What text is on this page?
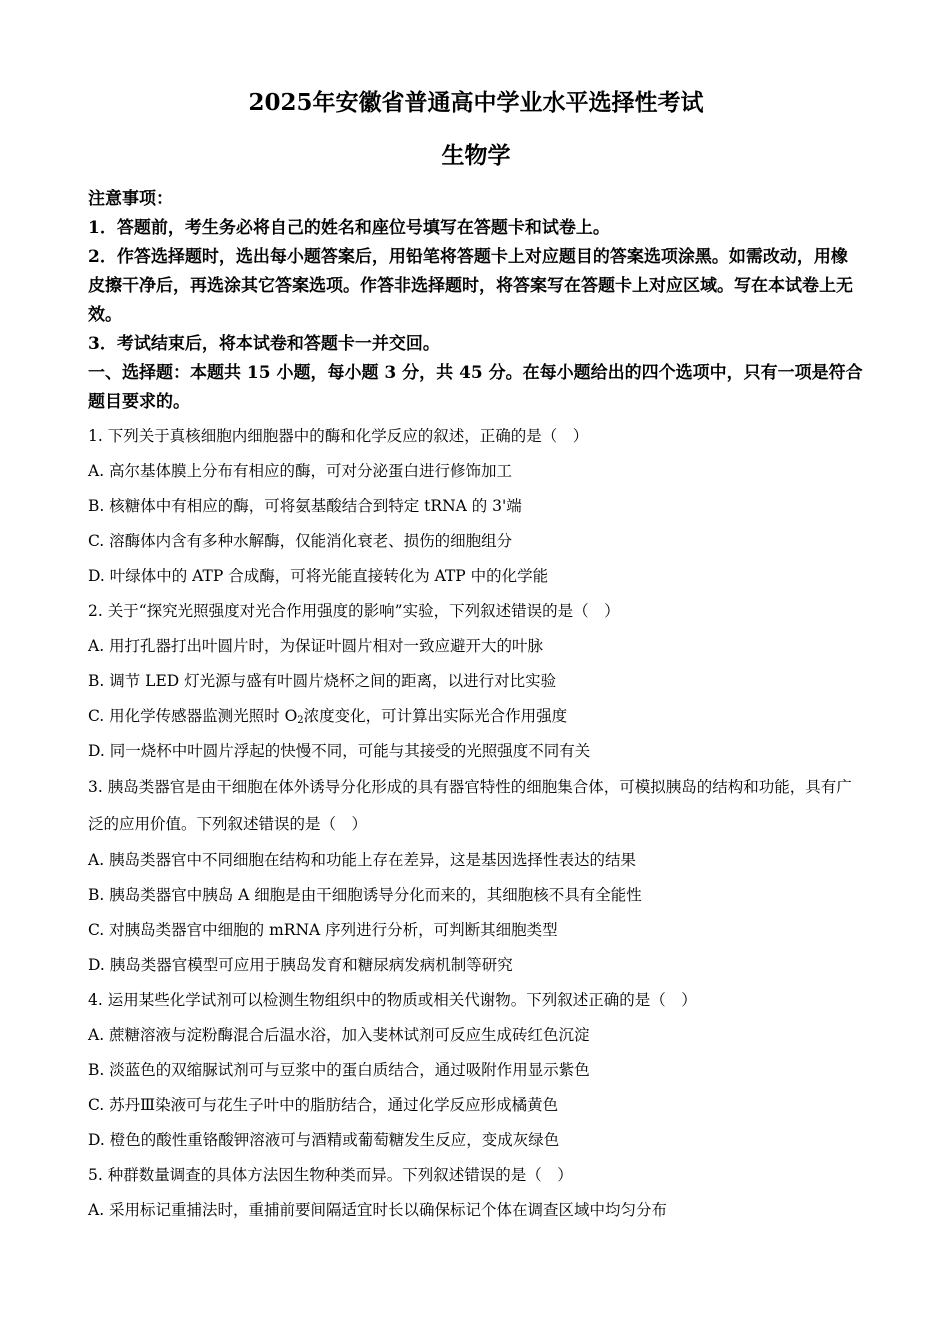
2025年安徽省普通高中学业水平选择性考试
生物学

注意事项：

1．答题前，考生务必将自己的姓名和座位号填写在答题卡和试卷上。

2．作答选择题时，选出每小题答案后，用铅笔将答题卡上对应题目的答案选项涂黑。如需改动，用橡皮擦干净后，再选涂其它答案选项。作答非选择题时，将答案写在答题卡上对应区域。写在本试卷上无效。

3．考试结束后，将本试卷和答题卡一并交回。

一、选择题：本题共 15 小题，每小题 3 分，共 45 分。在每小题给出的四个选项中，只有一项是符合题目要求的。

1. 下列关于真核细胞内细胞器中的酶和化学反应的叙述，正确的是（　）

A. 高尔基体膜上分布有相应的酶，可对分泌蛋白进行修饰加工

B. 核糖体中有相应的酶，可将氨基酸结合到特定 tRNA 的 3'端

C. 溶酶体内含有多种水解酶，仅能消化衰老、损伤的细胞组分

D. 叶绿体中的 ATP 合成酶，可将光能直接转化为 ATP 中的化学能

2. 关于“探究光照强度对光合作用强度的影响”实验，下列叙述错误的是（　）

A. 用打孔器打出叶圆片时，为保证叶圆片相对一致应避开大的叶脉

B. 调节 LED 灯光源与盛有叶圆片烧杯之间的距离，以进行对比实验

C. 用化学传感器监测光照时 $O_2$浓度变化，可计算出实际光合作用强度

D. 同一烧杯中叶圆片浮起的快慢不同，可能与其接受的光照强度不同有关

3. 胰岛类器官是由干细胞在体外诱导分化形成的具有器官特性的细胞集合体，可模拟胰岛的结构和功能，具有广泛的应用价值。下列叙述错误的是（　）

A. 胰岛类器官中不同细胞在结构和功能上存在差异，这是基因选择性表达的结果

B. 胰岛类器官中胰岛 A 细胞是由干细胞诱导分化而来的，其细胞核不具有全能性

C. 对胰岛类器官中细胞的 mRNA 序列进行分析，可判断其细胞类型

D. 胰岛类器官模型可应用于胰岛发育和糖尿病发病机制等研究

4. 运用某些化学试剂可以检测生物组织中的物质或相关代谢物。下列叙述正确的是（　）

A. 蔗糖溶液与淀粉酶混合后温水浴，加入斐林试剂可反应生成砖红色沉淀

B. 淡蓝色的双缩脲试剂可与豆浆中的蛋白质结合，通过吸附作用显示紫色

C. 苏丹Ⅲ染液可与花生子叶中的脂肪结合，通过化学反应形成橘黄色

D. 橙色的酸性重铬酸钾溶液可与酒精或葡萄糖发生反应，变成灰绿色

5. 种群数量调查的具体方法因生物种类而异。下列叙述错误的是（　）

A. 采用标记重捕法时，重捕前要间隔适宜时长以确保标记个体在调查区域中均匀分布
